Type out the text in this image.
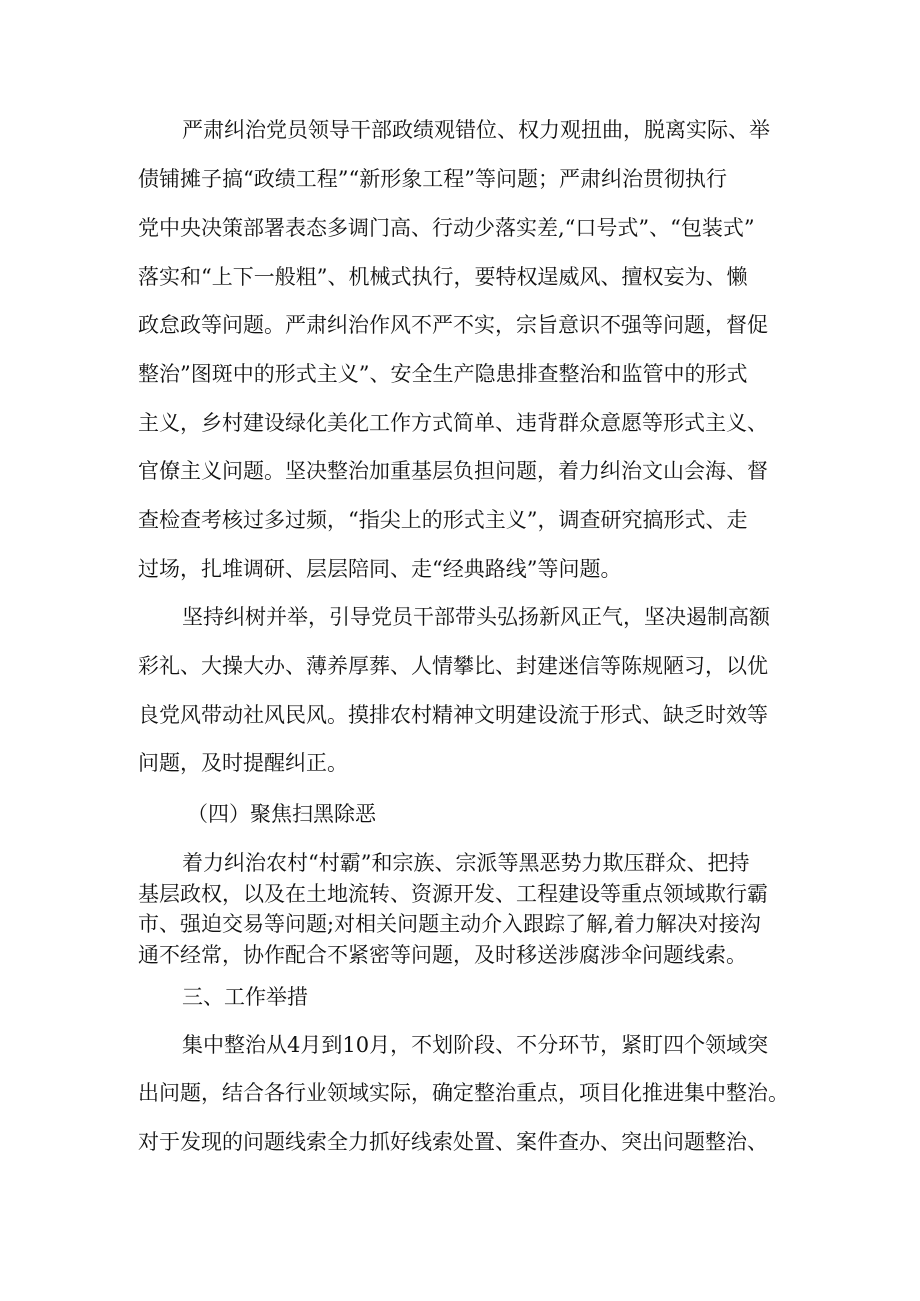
严肃纠治党员领导干部政绩观错位、权力观扭曲，脱离实际、举
债铺摊子搞“政绩工程”“新形象工程”等问题；严肃纠治贯彻执行
党中央决策部署表态多调门高、行动少落实差,“口号式”、“包装式”
落实和“上下一般粗”、机械式执行，要特权逞威风、擅权妄为、懒
政怠政等问题。严肃纠治作风不严不实，宗旨意识不强等问题，督促
整治”图斑中的形式主义”、安全生产隐患排查整治和监管中的形式
主义，乡村建设绿化美化工作方式简单、违背群众意愿等形式主义、
官僚主义问题。坚决整治加重基层负担问题，着力纠治文山会海、督
查检查考核过多过频，“指尖上的形式主义”，调查研究搞形式、走
过场，扎堆调研、层层陪同、走“经典路线”等问题。
坚持纠树并举，引导党员干部带头弘扬新风正气，坚决遏制高额
彩礼、大操大办、薄养厚葬、人情攀比、封建迷信等陈规陋习，以优
良党风带动社风民风。摸排农村精神文明建设流于形式、缺乏时效等
问题，及时提醒纠正。
（四）聚焦扫黑除恶
着力纠治农村“村霸”和宗族、宗派等黑恶势力欺压群众、把持
基层政权，以及在土地流转、资源开发、工程建设等重点领域欺行霸
市、强迫交易等问题;对相关问题主动介入跟踪了解,着力解决对接沟
通不经常，协作配合不紧密等问题，及时移送涉腐涉伞问题线索。
三、工作举措
集中整治从4月到10月，不划阶段、不分环节，紧盯四个领域突
出问题，结合各行业领域实际，确定整治重点，项目化推进集中整治。
对于发现的问题线索全力抓好线索处置、案件查办、突出问题整治、
